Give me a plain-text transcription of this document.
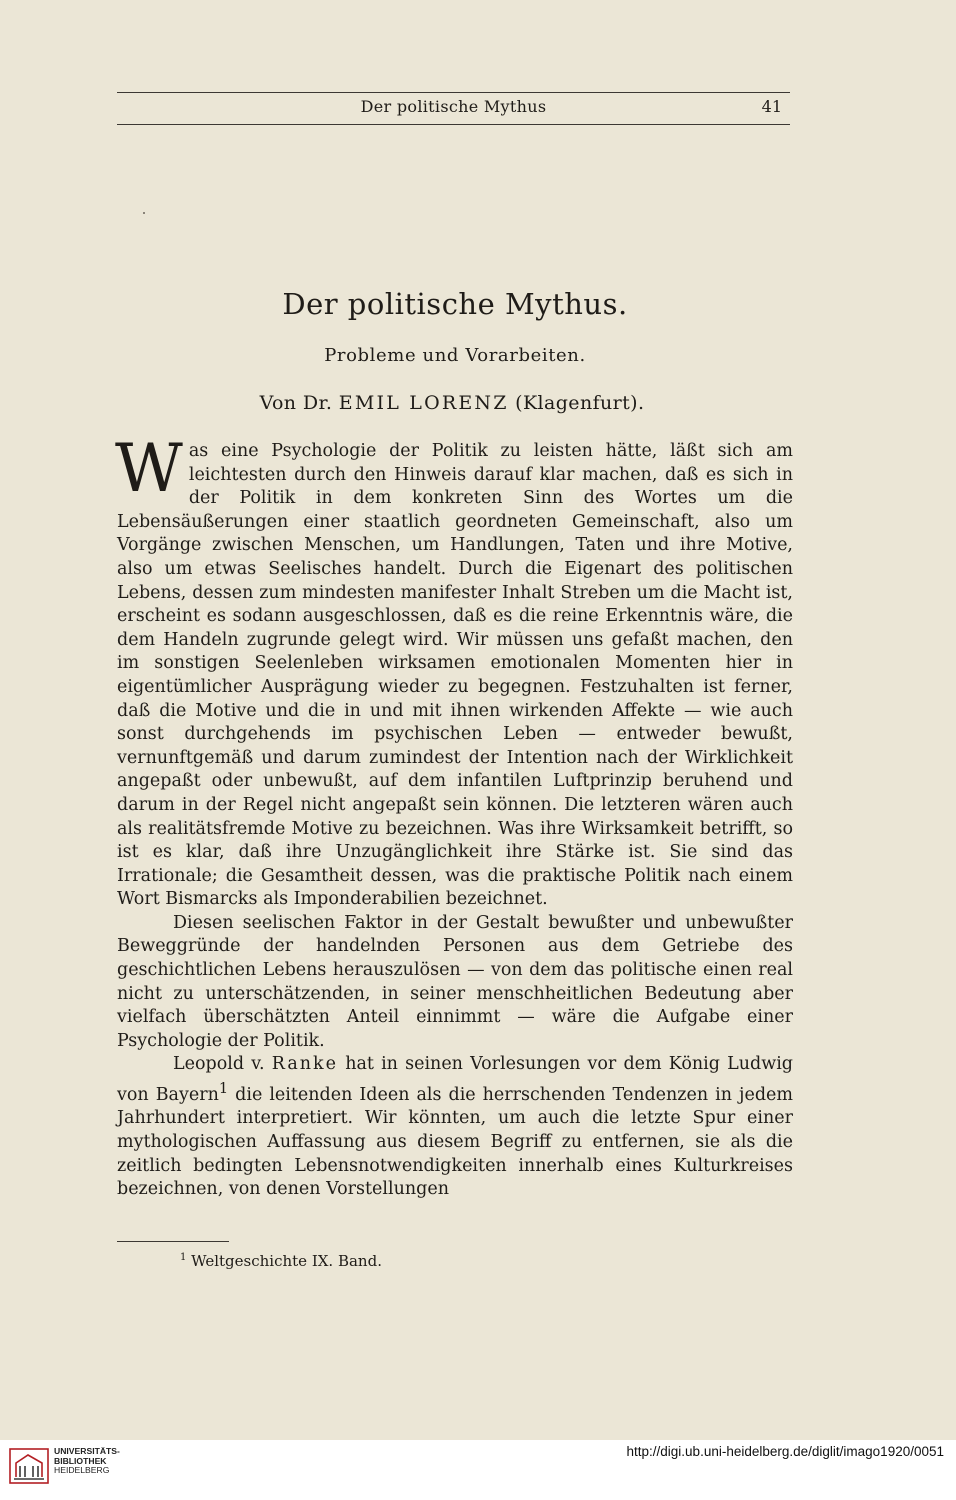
Der politische Mythus	41
Der politische Mythus.
Probleme und Vorarbeiten.
Von Dr. EMIL LORENZ (Klagenfurt).

Was eine Psychologie der Politik zu leisten hätte, läßt sich am leichtesten durch den Hinweis darauf klar machen, daß es sich in der Politik in dem konkreten Sinn des Wortes um die Lebensäußerungen einer staatlich geordneten Gemeinschaft, also um Vorgänge zwischen Menschen, um Handlungen, Taten und ihre Motive, also um etwas Seelisches handelt. Durch die Eigenart des politischen Lebens, dessen zum mindesten manifester Inhalt Streben um die Macht ist, erscheint es sodann ausgeschlossen, daß es die reine Erkenntnis wäre, die dem Handeln zugrunde gelegt wird. Wir müssen uns gefaßt machen, den im sonstigen Seelenleben wirksamen emotionalen Momenten hier in eigentümlicher Ausprägung wieder zu begegnen. Festzuhalten ist ferner, daß die Motive und die in und mit ihnen wirkenden Affekte — wie auch sonst durchgehends im psychischen Leben — entweder bewußt, vernunftgemäß und darum zumindest der Intention nach der Wirklichkeit angepaßt oder unbewußt, auf dem infantilen Luftprinzip beruhend und darum in der Regel nicht angepaßt sein können. Die letzteren wären auch als realitätsfremde Motive zu bezeichnen. Was ihre Wirksamkeit betrifft, so ist es klar, daß ihre Unzugänglichkeit ihre Stärke ist. Sie sind das Irrationale; die Gesamtheit dessen, was die praktische Politik nach einem Wort Bismarcks als Imponderabilien bezeichnet.

Diesen seelischen Faktor in der Gestalt bewußter und unbewußter Beweggründe der handelnden Personen aus dem Getriebe des geschichtlichen Lebens herauszulösen — von dem das politische einen real nicht zu unterschätzenden, in seiner menschheitlichen Bedeutung aber vielfach überschätzten Anteil einnimmt — wäre die Aufgabe einer Psychologie der Politik.

Leopold v. Ranke hat in seinen Vorlesungen vor dem König Ludwig von Bayern$^1$ die leitenden Ideen als die herrschenden Tendenzen in jedem Jahrhundert interpretiert. Wir könnten, um auch die letzte Spur einer mythologischen Auffassung aus diesem Begriff zu entfernen, sie als die zeitlich bedingten Lebensnotwendigkeiten innerhalb eines Kulturkreises bezeichnen, von denen Vorstellungen

$^1$ Weltgeschichte IX. Band.
UNIVERSITÄTS-
BIBLIOTHEK
HEIDELBERG
http://digi.ub.uni-heidelberg.de/diglit/imago1920/0051
